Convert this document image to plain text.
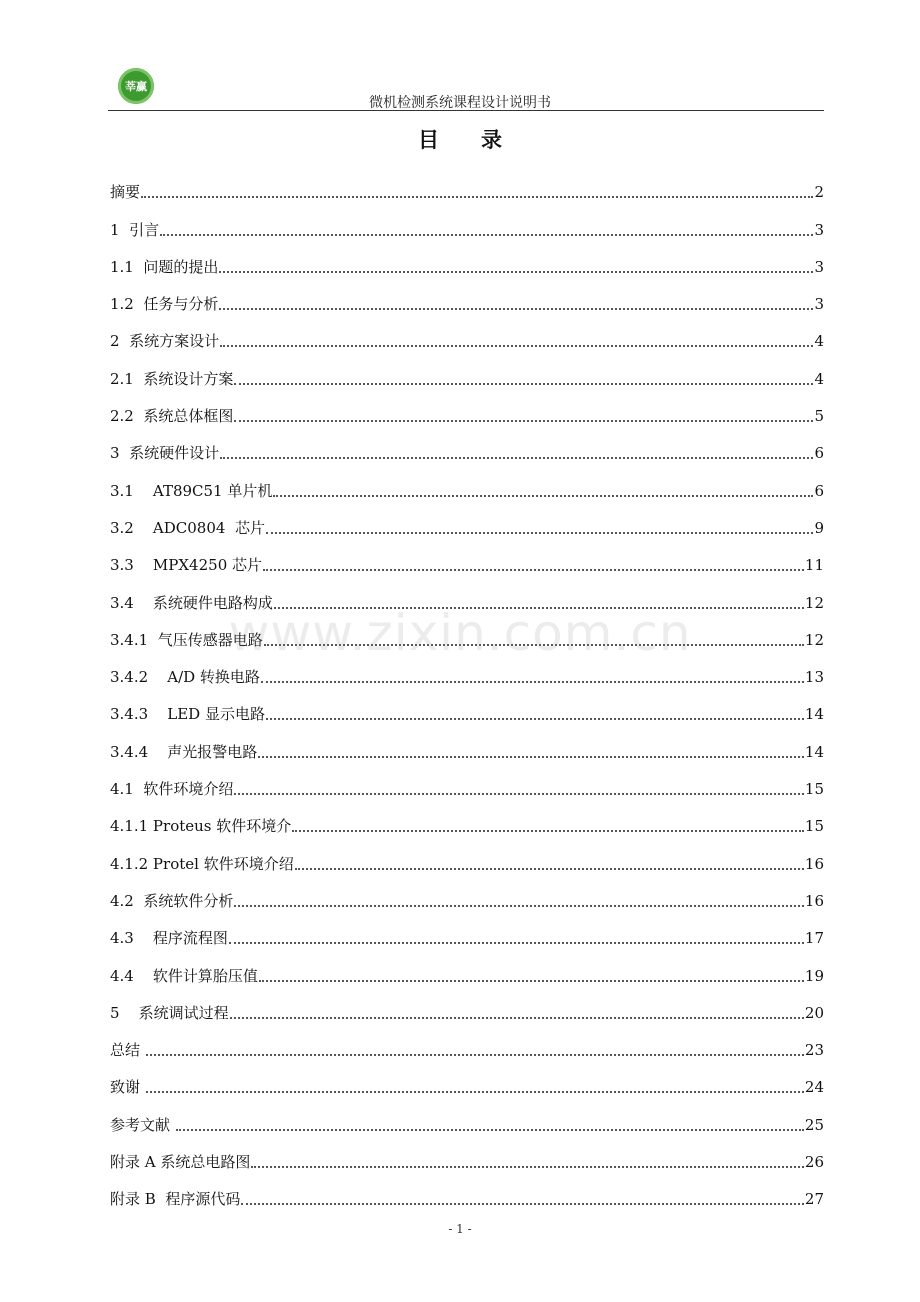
莘赢
微机检测系统课程设计说明书
目 录
摘要	2
1  引言	3
1.1  问题的提出	3
1.2  任务与分析	3
2  系统方案设计	4
2.1  系统设计方案	4
2.2  系统总体框图	5
3  系统硬件设计	6
3.1    AT89C51 单片机	6
3.2    ADC0804  芯片	9
3.3    MPX4250 芯片	11
3.4    系统硬件电路构成	12
3.4.1  气压传感器电路	12
3.4.2    A/D 转换电路	13
3.4.3    LED 显示电路	14
3.4.4    声光报警电路	14
4.1  软件环境介绍	15
4.1.1 Proteus 软件环境介	15
4.1.2 Protel 软件环境介绍	16
4.2  系统软件分析	16
4.3    程序流程图	17
4.4    软件计算胎压值	19
5    系统调试过程	20
总结	23
致谢	24
参考文献	25
附录 A 系统总电路图	26
附录 B  程序源代码	27
www.zixin.com.cn
- 1 -
